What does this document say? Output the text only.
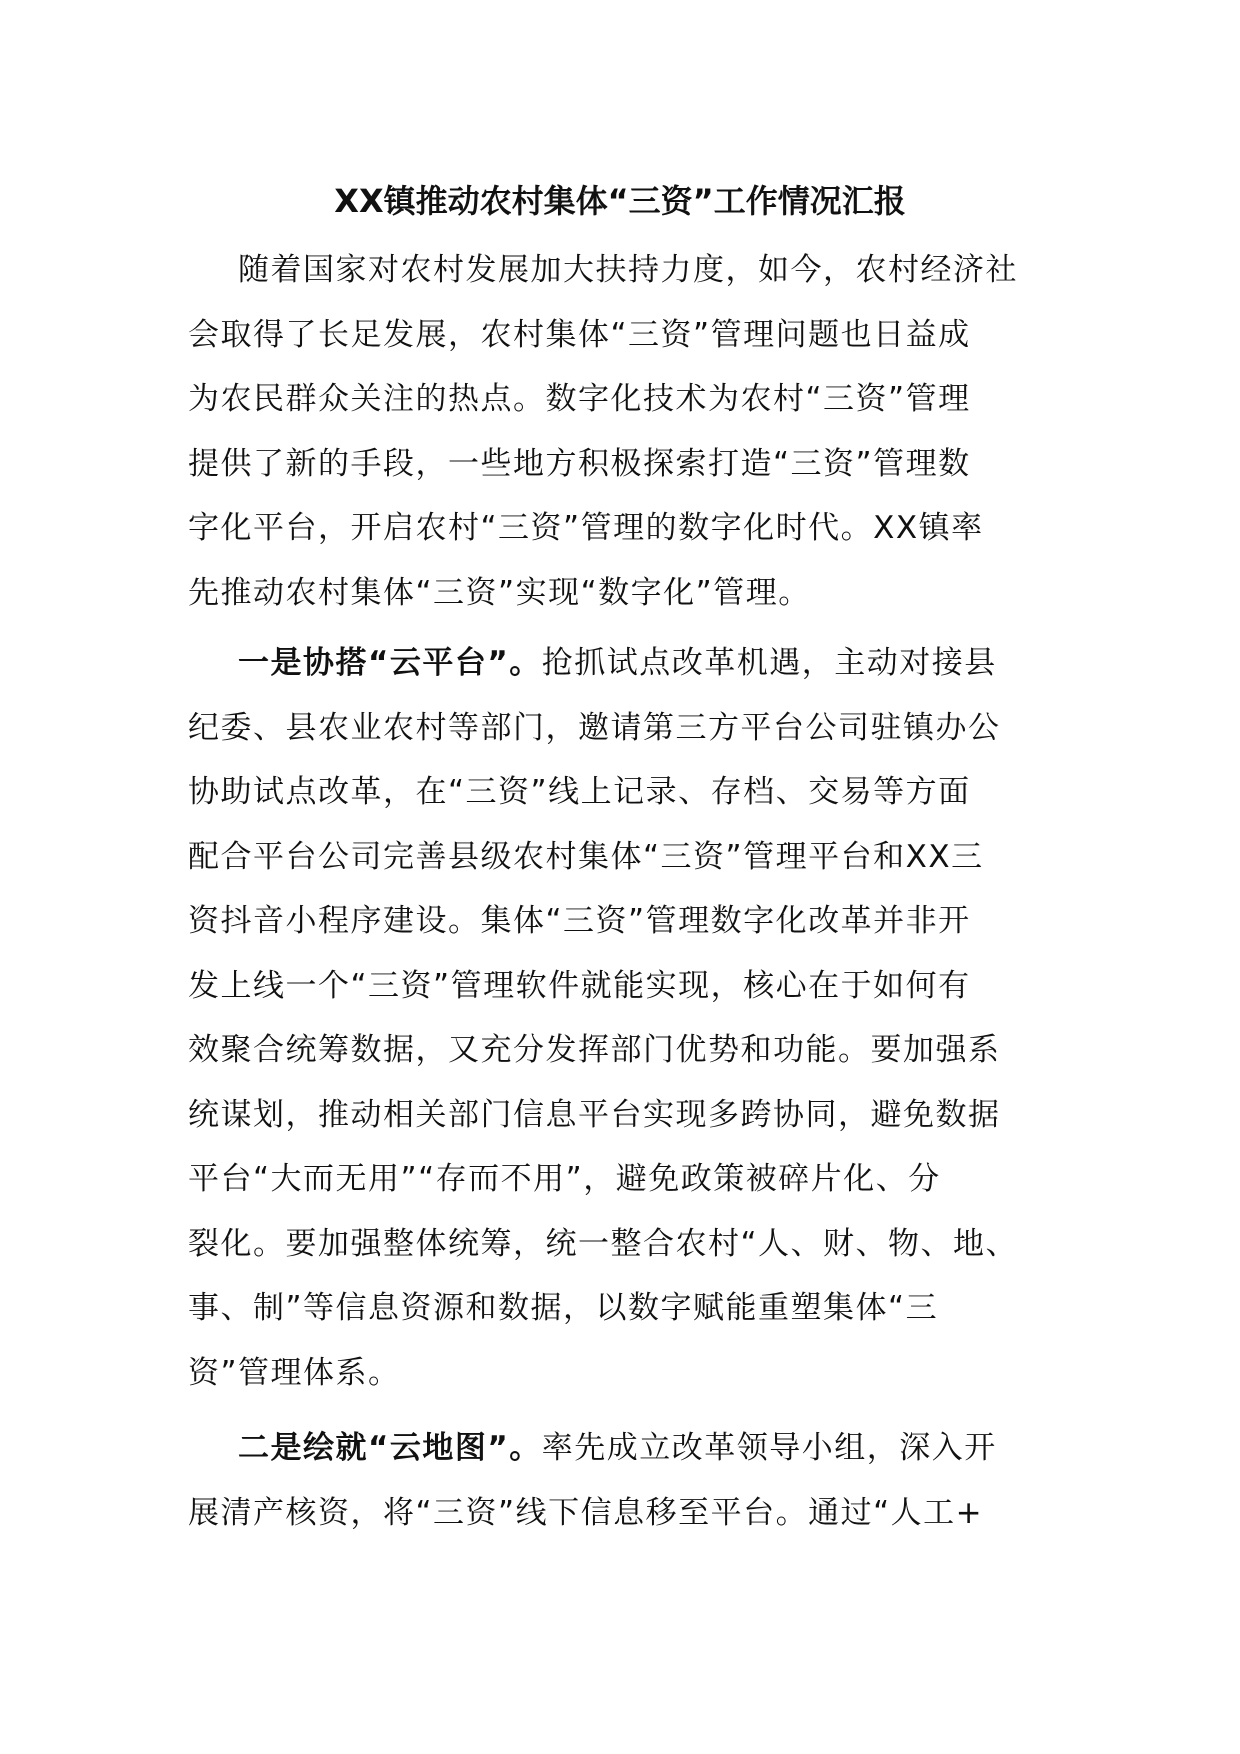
XX镇推动农村集体“三资”工作情况汇报
随着国家对农村发展加大扶持力度，如今，农村经济社
会取得了长足发展，农村集体“三资”管理问题也日益成
为农民群众关注的热点。数字化技术为农村“三资”管理
提供了新的手段，一些地方积极探索打造“三资”管理数
字化平台，开启农村“三资”管理的数字化时代。XX镇率
先推动农村集体“三资”实现“数字化”管理。
一是协搭“云平台”。抢抓试点改革机遇，主动对接县
纪委、县农业农村等部门，邀请第三方平台公司驻镇办公
协助试点改革，在“三资”线上记录、存档、交易等方面
配合平台公司完善县级农村集体“三资”管理平台和XX三
资抖音小程序建设。集体“三资”管理数字化改革并非开
发上线一个“三资”管理软件就能实现，核心在于如何有
效聚合统筹数据，又充分发挥部门优势和功能。要加强系
统谋划，推动相关部门信息平台实现多跨协同，避免数据
平台“大而无用”“存而不用”，避免政策被碎片化、分
裂化。要加强整体统筹，统一整合农村“人、财、物、地、
事、制”等信息资源和数据，以数字赋能重塑集体“三
资”管理体系。
二是绘就“云地图”。率先成立改革领导小组，深入开
展清产核资，将“三资”线下信息移至平台。通过“人工+
